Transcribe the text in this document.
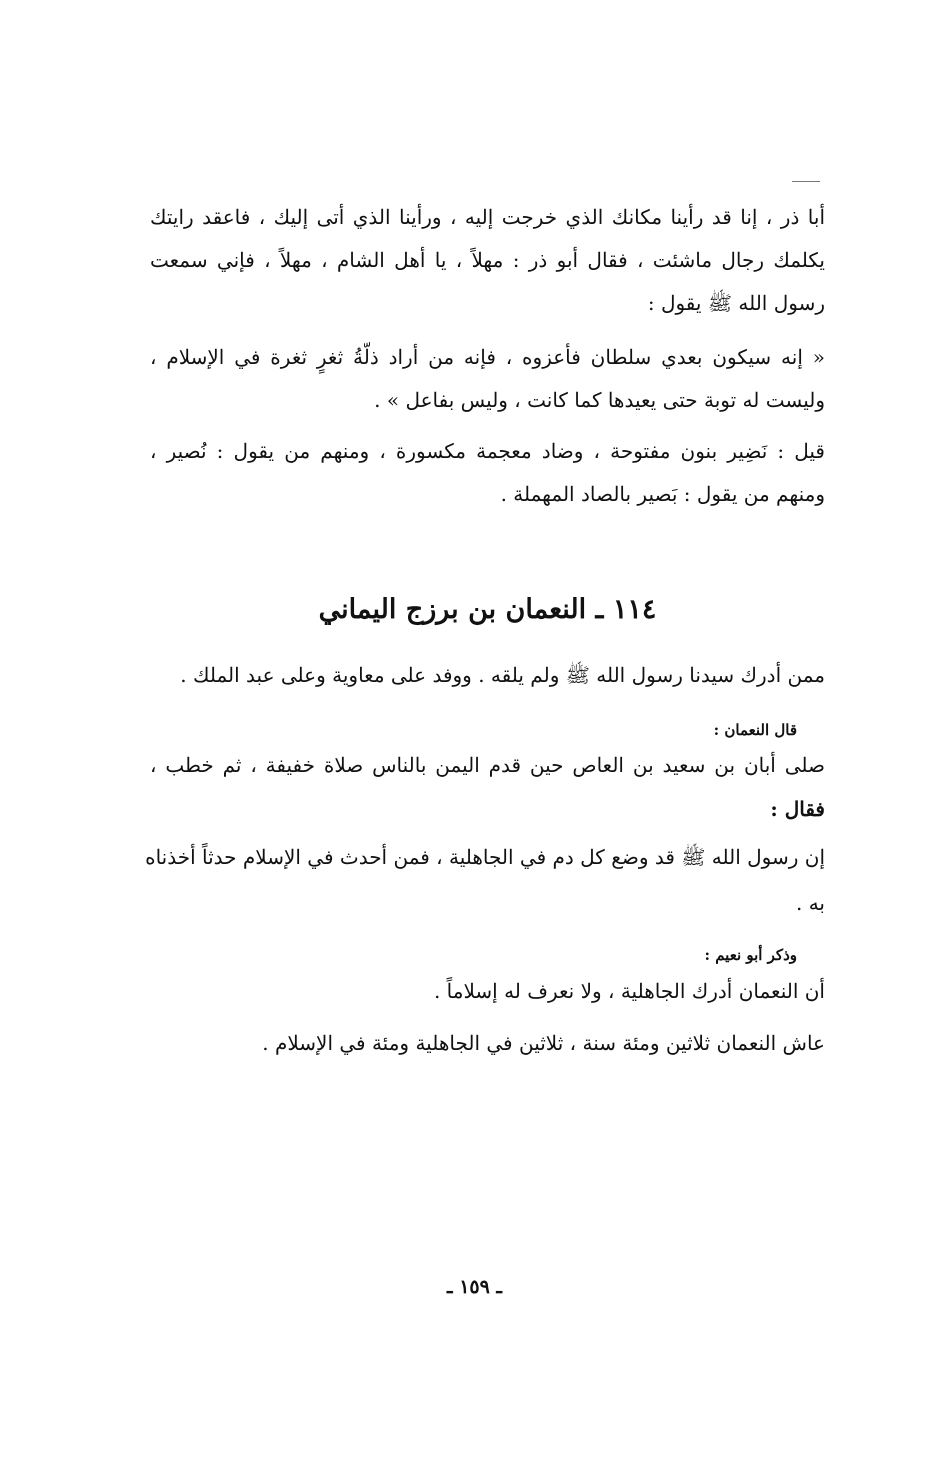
أبا ذر ، إنا قد رأينا مكانك الذي خرجت إليه ، ورأينا الذي أتى إليك ، فاعقد رايتك
يكلمك رجال ماشئت ، فقال أبو ذر : مهلاً ، يا أهل الشام ، مهلاً ، فإني سمعت
رسول الله ﷺ يقول :
« إنه سيكون بعدي سلطان فأعزوه ، فإنه من أراد ذلّةُ ثغرٍ ثغرة في الإسلام ،
وليست له توبة حتى يعيدها كما كانت ، وليس بفاعل » .
قيل : نَضِير بنون مفتوحة ، وضاد معجمة مكسورة ، ومنهم من يقول : نُصير ،
ومنهم من يقول : بَصير بالصاد المهملة .
١١٤ ـ النعمان بن برزج اليماني
ممن أدرك سيدنا رسول الله ﷺ ولم يلقه . ووفد على معاوية وعلى عبد الملك .
قال النعمان :
صلى أبان بن سعيد بن العاص حين قدم اليمن بالناس صلاة خفيفة ، ثم خطب ،
فقال :
إن رسول الله ﷺ قد وضع كل دم في الجاهلية ، فمن أحدث في الإسلام حدثاً أخذناه
به .
وذكر أبو نعيم :
أن النعمان أدرك الجاهلية ، ولا نعرف له إسلاماً .
عاش النعمان ثلاثين ومئة سنة ، ثلاثين في الجاهلية ومئة في الإسلام .
ـ ١٥٩ ـ
